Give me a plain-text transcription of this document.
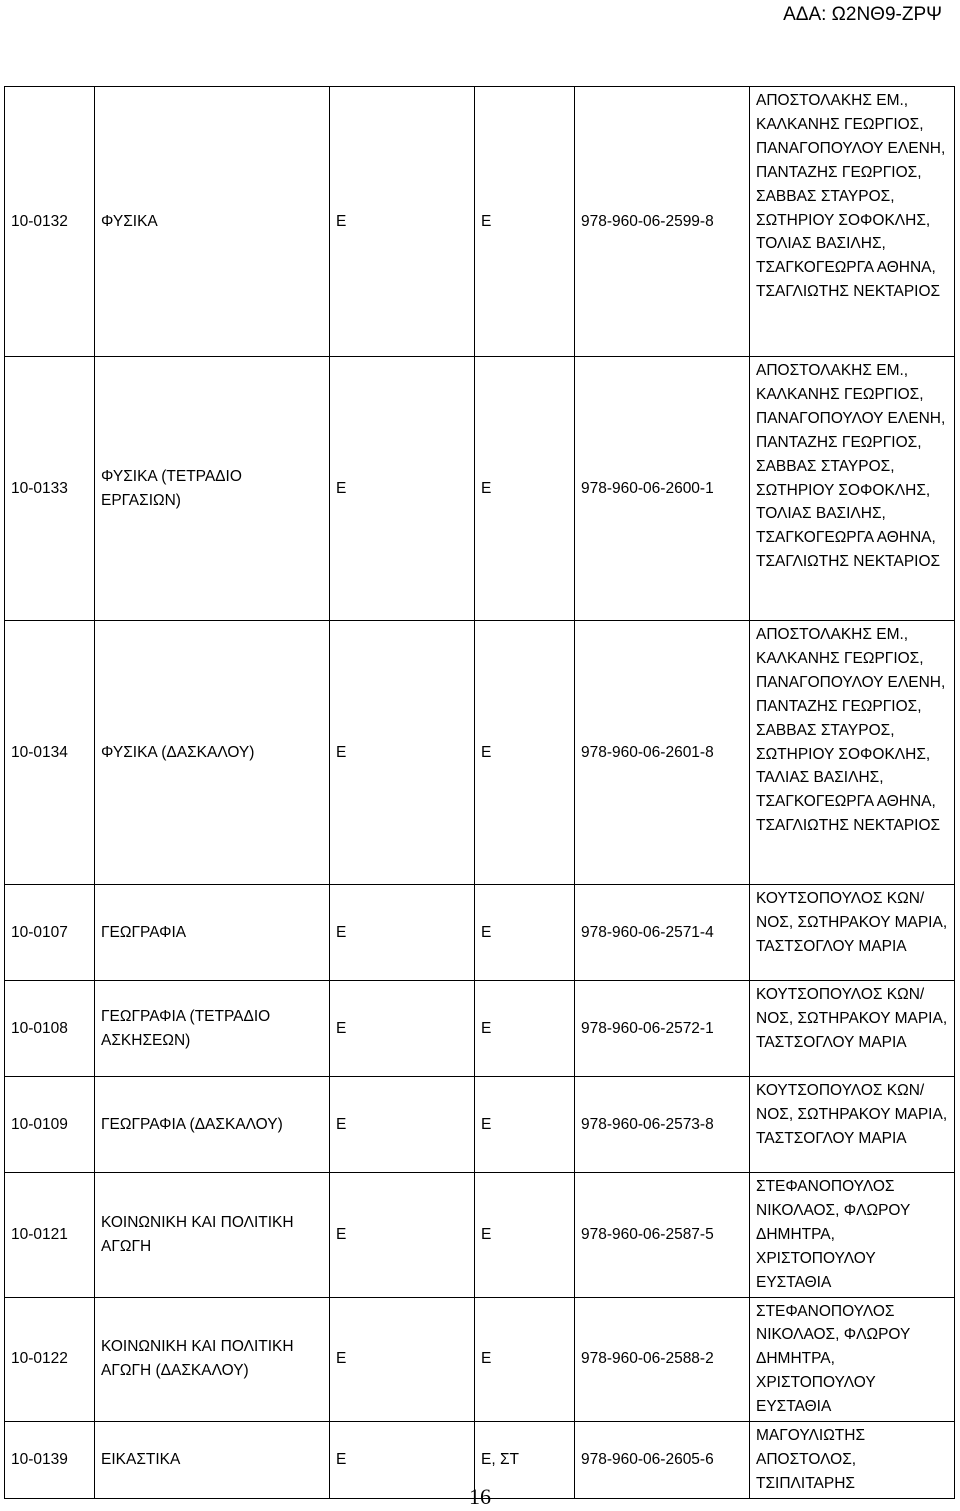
ΑΔΑ: Ω2ΝΘ9-ΖΡΨ
10-0132	ΦΥΣΙΚΑ	Ε	Ε	978-960-06-2599-8	ΑΠΟΣΤΟΛΑΚΗΣ ΕΜ., ΚΑΛΚΑΝΗΣ ΓΕΩΡΓΙΟΣ, ΠΑΝΑΓΟΠΟΥΛΟΥ ΕΛΕΝΗ, ΠΑΝΤΑΖΗΣ ΓΕΩΡΓΙΟΣ, ΣΑΒΒΑΣ ΣΤΑΥΡΟΣ, ΣΩΤΗΡΙΟΥ ΣΟΦΟΚΛΗΣ, ΤΟΛΙΑΣ ΒΑΣΙΛΗΣ, ΤΣΑΓΚΟΓΕΩΡΓΑ ΑΘΗΝΑ, ΤΣΑΓΛΙΩΤΗΣ ΝΕΚΤΑΡΙΟΣ
10-0133	ΦΥΣΙΚΑ (ΤΕΤΡΑΔΙΟ ΕΡΓΑΣΙΩΝ)	Ε	Ε	978-960-06-2600-1	ΑΠΟΣΤΟΛΑΚΗΣ ΕΜ., ΚΑΛΚΑΝΗΣ ΓΕΩΡΓΙΟΣ, ΠΑΝΑΓΟΠΟΥΛΟΥ ΕΛΕΝΗ, ΠΑΝΤΑΖΗΣ ΓΕΩΡΓΙΟΣ, ΣΑΒΒΑΣ ΣΤΑΥΡΟΣ, ΣΩΤΗΡΙΟΥ ΣΟΦΟΚΛΗΣ, ΤΟΛΙΑΣ ΒΑΣΙΛΗΣ, ΤΣΑΓΚΟΓΕΩΡΓΑ ΑΘΗΝΑ, ΤΣΑΓΛΙΩΤΗΣ ΝΕΚΤΑΡΙΟΣ
10-0134	ΦΥΣΙΚΑ (ΔΑΣΚΑΛΟΥ)	Ε	Ε	978-960-06-2601-8	ΑΠΟΣΤΟΛΑΚΗΣ ΕΜ., ΚΑΛΚΑΝΗΣ ΓΕΩΡΓΙΟΣ, ΠΑΝΑΓΟΠΟΥΛΟΥ ΕΛΕΝΗ, ΠΑΝΤΑΖΗΣ ΓΕΩΡΓΙΟΣ, ΣΑΒΒΑΣ ΣΤΑΥΡΟΣ, ΣΩΤΗΡΙΟΥ ΣΟΦΟΚΛΗΣ, ΤΑΛΙΑΣ ΒΑΣΙΛΗΣ, ΤΣΑΓΚΟΓΕΩΡΓΑ ΑΘΗΝΑ, ΤΣΑΓΛΙΩΤΗΣ ΝΕΚΤΑΡΙΟΣ
10-0107	ΓΕΩΓΡΑΦΙΑ	Ε	Ε	978-960-06-2571-4	ΚΟΥΤΣΟΠΟΥΛΟΣ ΚΩΝ/ΝΟΣ, ΣΩΤΗΡΑΚΟΥ ΜΑΡΙΑ, ΤΑΣΤΣΟΓΛΟΥ ΜΑΡΙΑ
10-0108	ΓΕΩΓΡΑΦΙΑ (ΤΕΤΡΑΔΙΟ ΑΣΚΗΣΕΩΝ)	Ε	Ε	978-960-06-2572-1	ΚΟΥΤΣΟΠΟΥΛΟΣ ΚΩΝ/ΝΟΣ, ΣΩΤΗΡΑΚΟΥ ΜΑΡΙΑ, ΤΑΣΤΣΟΓΛΟΥ ΜΑΡΙΑ
10-0109	ΓΕΩΓΡΑΦΙΑ (ΔΑΣΚΑΛΟΥ)	Ε	Ε	978-960-06-2573-8	ΚΟΥΤΣΟΠΟΥΛΟΣ ΚΩΝ/ΝΟΣ, ΣΩΤΗΡΑΚΟΥ ΜΑΡΙΑ, ΤΑΣΤΣΟΓΛΟΥ ΜΑΡΙΑ
10-0121	ΚΟΙΝΩΝΙΚΗ ΚΑΙ ΠΟΛΙΤΙΚΗ ΑΓΩΓΗ	Ε	Ε	978-960-06-2587-5	ΣΤΕΦΑΝΟΠΟΥΛΟΣ ΝΙΚΟΛΑΟΣ, ΦΛΩΡΟΥ ΔΗΜΗΤΡΑ, ΧΡΙΣΤΟΠΟΥΛΟΥ ΕΥΣΤΑΘΙΑ
10-0122	ΚΟΙΝΩΝΙΚΗ ΚΑΙ ΠΟΛΙΤΙΚΗ ΑΓΩΓΗ (ΔΑΣΚΑΛΟΥ)	Ε	Ε	978-960-06-2588-2	ΣΤΕΦΑΝΟΠΟΥΛΟΣ ΝΙΚΟΛΑΟΣ, ΦΛΩΡΟΥ ΔΗΜΗΤΡΑ, ΧΡΙΣΤΟΠΟΥΛΟΥ ΕΥΣΤΑΘΙΑ
10-0139	ΕΙΚΑΣΤΙΚΑ	Ε	Ε, ΣΤ	978-960-06-2605-6	ΜΑΓΟΥΛΙΩΤΗΣ ΑΠΟΣΤΟΛΟΣ, ΤΣΙΠΛΙΤΑΡΗΣ
16
